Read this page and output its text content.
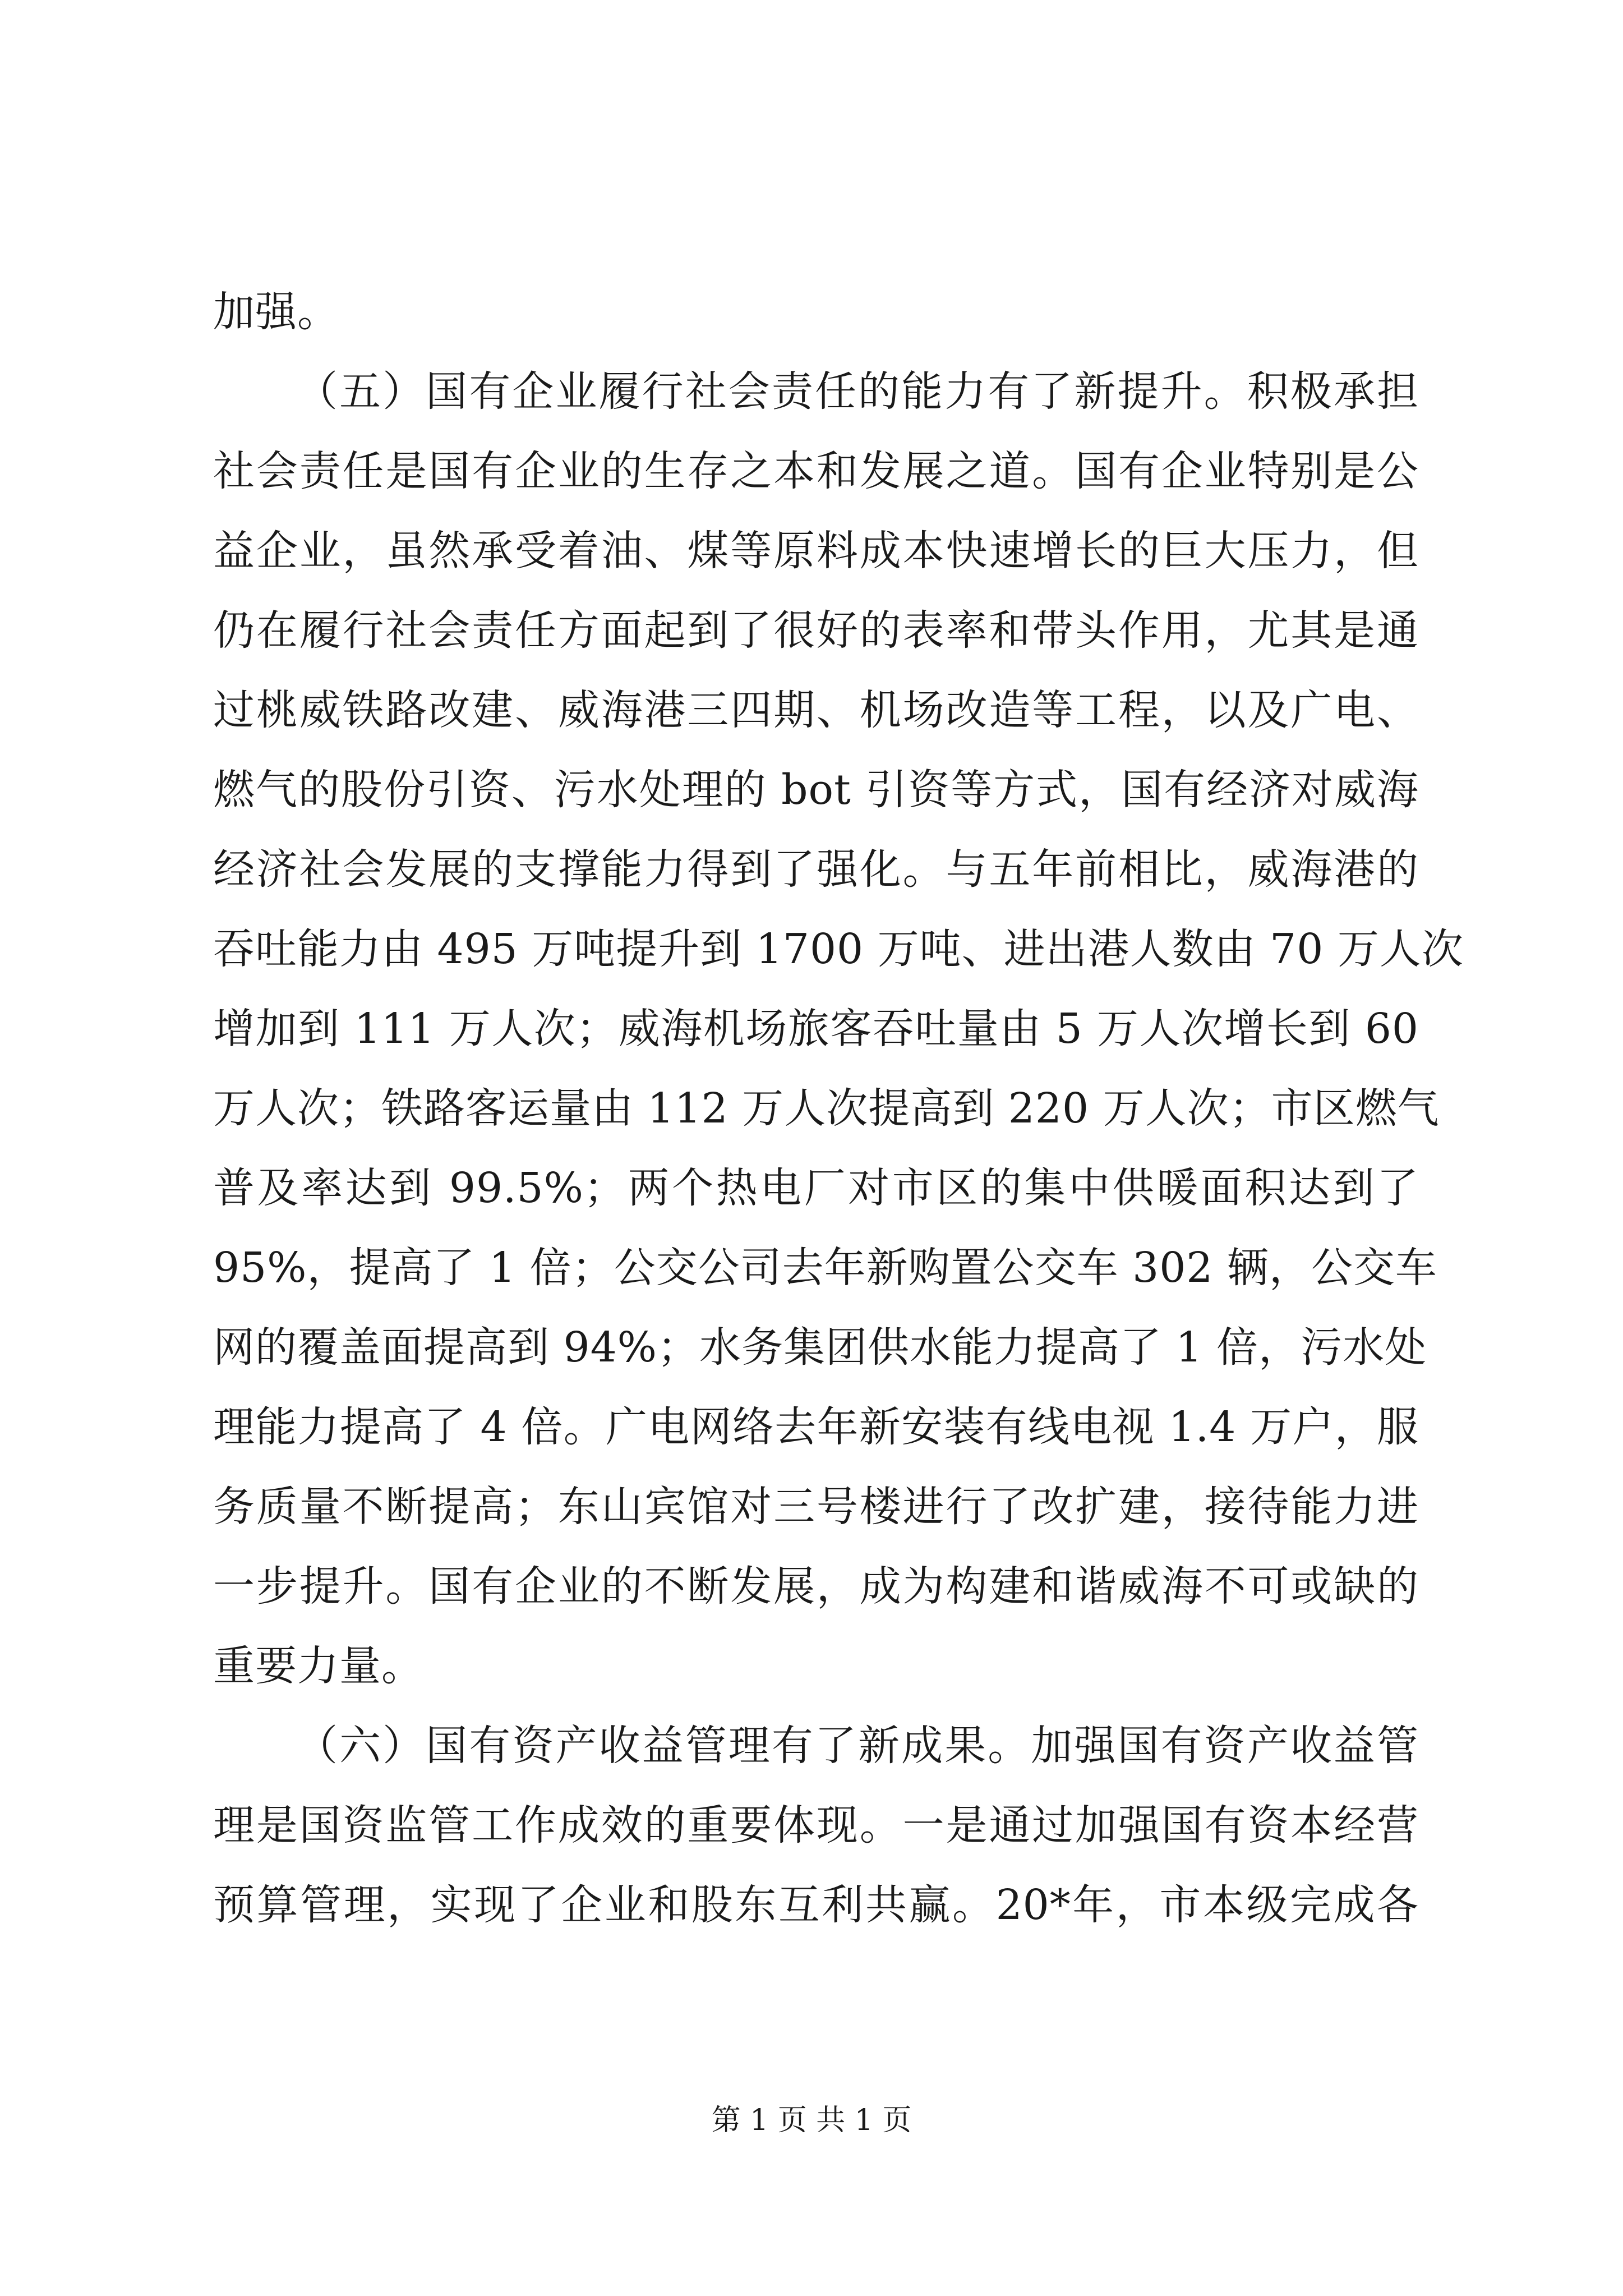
加强。
（五）国有企业履行社会责任的能力有了新提升。积极承担
社会责任是国有企业的生存之本和发展之道。国有企业特别是公
益企业，虽然承受着油、煤等原料成本快速增长的巨大压力，但
仍在履行社会责任方面起到了很好的表率和带头作用，尤其是通
过桃威铁路改建、威海港三四期、机场改造等工程，以及广电、
燃气的股份引资、污水处理的 bot 引资等方式，国有经济对威海
经济社会发展的支撑能力得到了强化。与五年前相比，威海港的
吞吐能力由 495 万吨提升到 1700 万吨、进出港人数由 70 万人次
增加到 111 万人次；威海机场旅客吞吐量由 5 万人次增长到 60
万人次；铁路客运量由 112 万人次提高到 220 万人次；市区燃气
普及率达到 99.5%；两个热电厂对市区的集中供暖面积达到了
95%，提高了 1 倍；公交公司去年新购置公交车 302 辆，公交车
网的覆盖面提高到 94%；水务集团供水能力提高了 1 倍，污水处
理能力提高了 4 倍。广电网络去年新安装有线电视 1.4 万户，服
务质量不断提高；东山宾馆对三号楼进行了改扩建，接待能力进
一步提升。国有企业的不断发展，成为构建和谐威海不可或缺的
重要力量。
（六）国有资产收益管理有了新成果。加强国有资产收益管
理是国资监管工作成效的重要体现。一是通过加强国有资本经营
预算管理，实现了企业和股东互利共赢。20*年，市本级完成各
第 1 页 共 1 页
